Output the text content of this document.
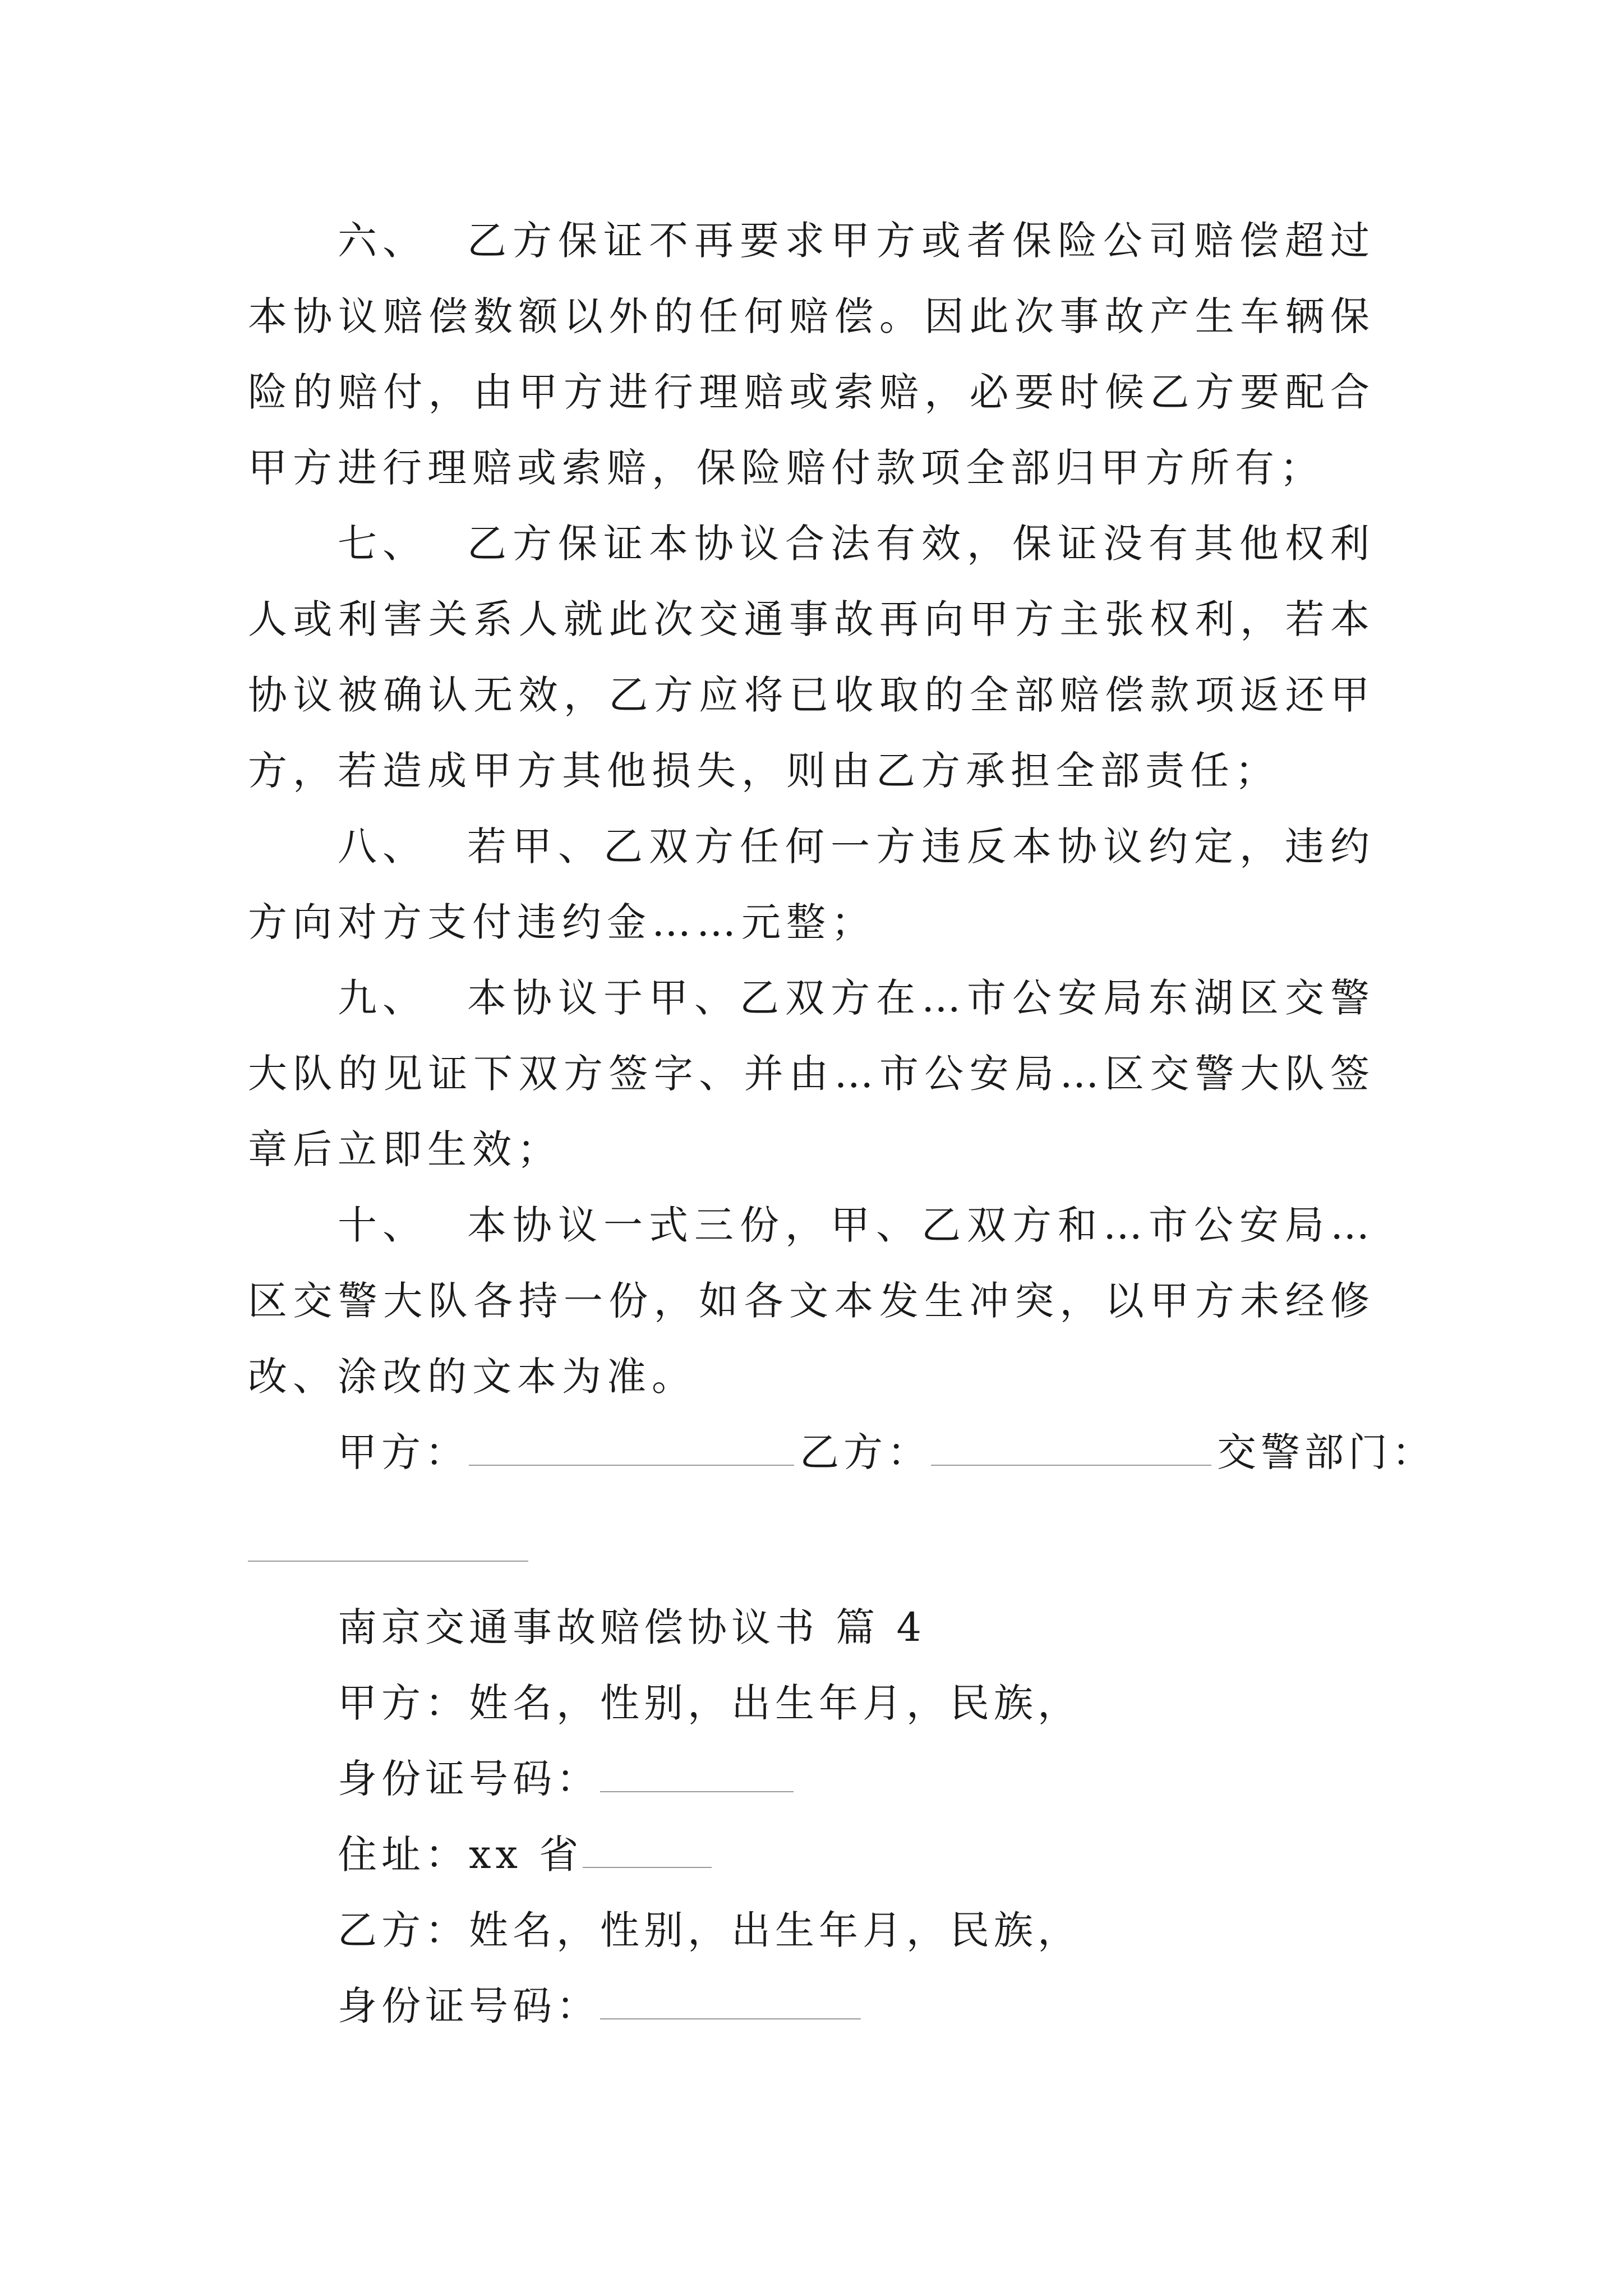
六、 乙方保证不再要求甲方或者保险公司赔偿超过本协议赔偿数额以外的任何赔偿。因此次事故产生车辆保险的赔付，由甲方进行理赔或索赔，必要时候乙方要配合甲方进行理赔或索赔，保险赔付款项全部归甲方所有；

七、 乙方保证本协议合法有效，保证没有其他权利人或利害关系人就此次交通事故再向甲方主张权利，若本协议被确认无效，乙方应将已收取的全部赔偿款项返还甲方，若造成甲方其他损失，则由乙方承担全部责任；

八、 若甲、乙双方任何一方违反本协议约定，违约方向对方支付违约金……元整；

九、 本协议于甲、乙双方在…市公安局东湖区交警大队的见证下双方签字、并由…市公安局…区交警大队签章后立即生效；

十、 本协议一式三份，甲、乙双方和…市公安局…区交警大队各持一份，如各文本发生冲突，以甲方未经修改、涂改的文本为准。

甲方：	乙方：	交警部门：
南京交通事故赔偿协议书 篇 4
甲方：姓名，性别，出生年月，民族，
身份证号码：
住址：xx 省
乙方：姓名，性别，出生年月，民族，
身份证号码：
